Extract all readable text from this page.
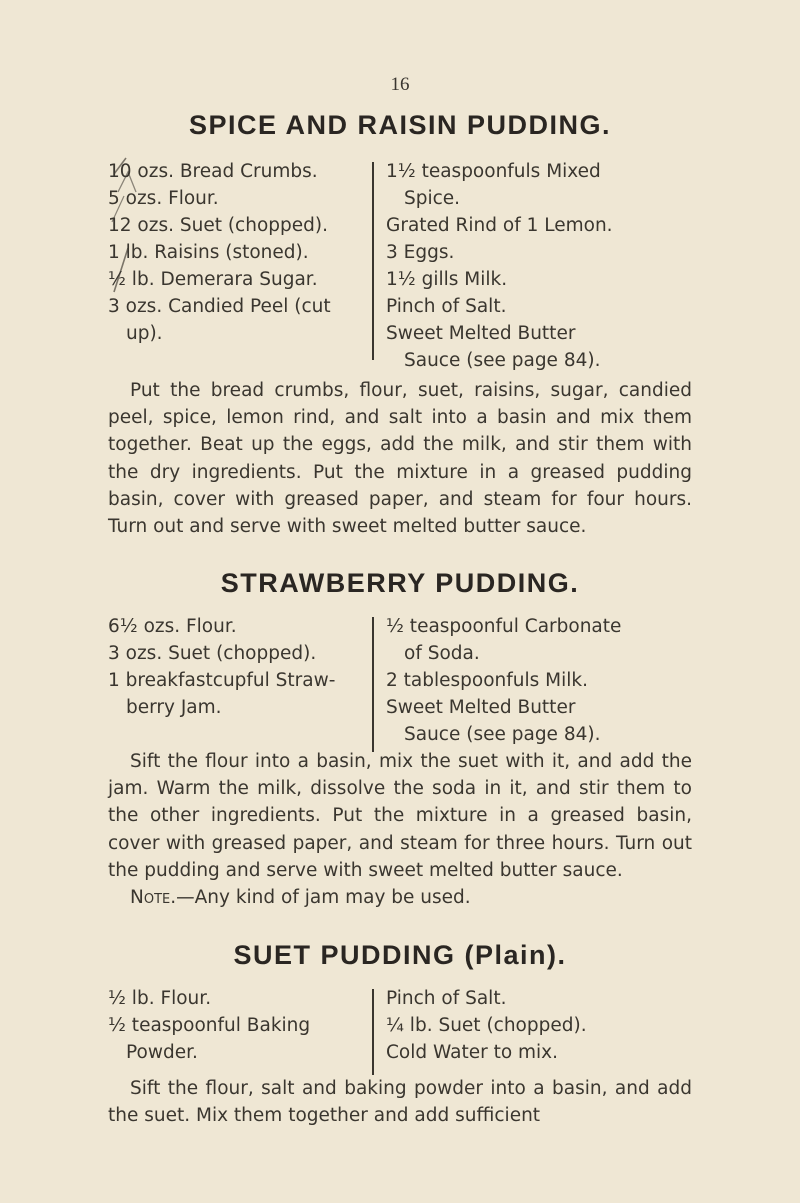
16
SPICE AND RAISIN PUDDING.
10 ozs. Bread Crumbs.
5 ozs. Flour.
12 ozs. Suet (chopped).
1 lb. Raisins (stoned).
½ lb. Demerara Sugar.
3 ozs. Candied Peel (cut
up).
1½ teaspoonfuls Mixed
Spice.
Grated Rind of 1 Lemon.
3 Eggs.
1½ gills Milk.
Pinch of Salt.
Sweet Melted Butter
Sauce (see page 84).

Put the bread crumbs, flour, suet, raisins, sugar, candied peel, spice, lemon rind, and salt into a basin and mix them together. Beat up the eggs, add the milk, and stir them with the dry ingredients. Put the mixture in a greased pudding basin, cover with greased paper, and steam for four hours. Turn out and serve with sweet melted butter sauce.

STRAWBERRY PUDDING.
6½ ozs. Flour.
3 ozs. Suet (chopped).
1 breakfastcupful Straw-
berry Jam.
½ teaspoonful Carbonate
of Soda.
2 tablespoonfuls Milk.
Sweet Melted Butter
Sauce (see page 84).

Sift the flour into a basin, mix the suet with it, and add the jam. Warm the milk, dissolve the soda in it, and stir them to the other ingredients. Put the mixture in a greased basin, cover with greased paper, and steam for three hours. Turn out the pudding and serve with sweet melted butter sauce.

Note.—Any kind of jam may be used.

SUET PUDDING (Plain).
½ lb. Flour.
½ teaspoonful Baking
Powder.
Pinch of Salt.
¼ lb. Suet (chopped).
Cold Water to mix.

Sift the flour, salt and baking powder into a basin, and add the suet. Mix them together and add sufficient
